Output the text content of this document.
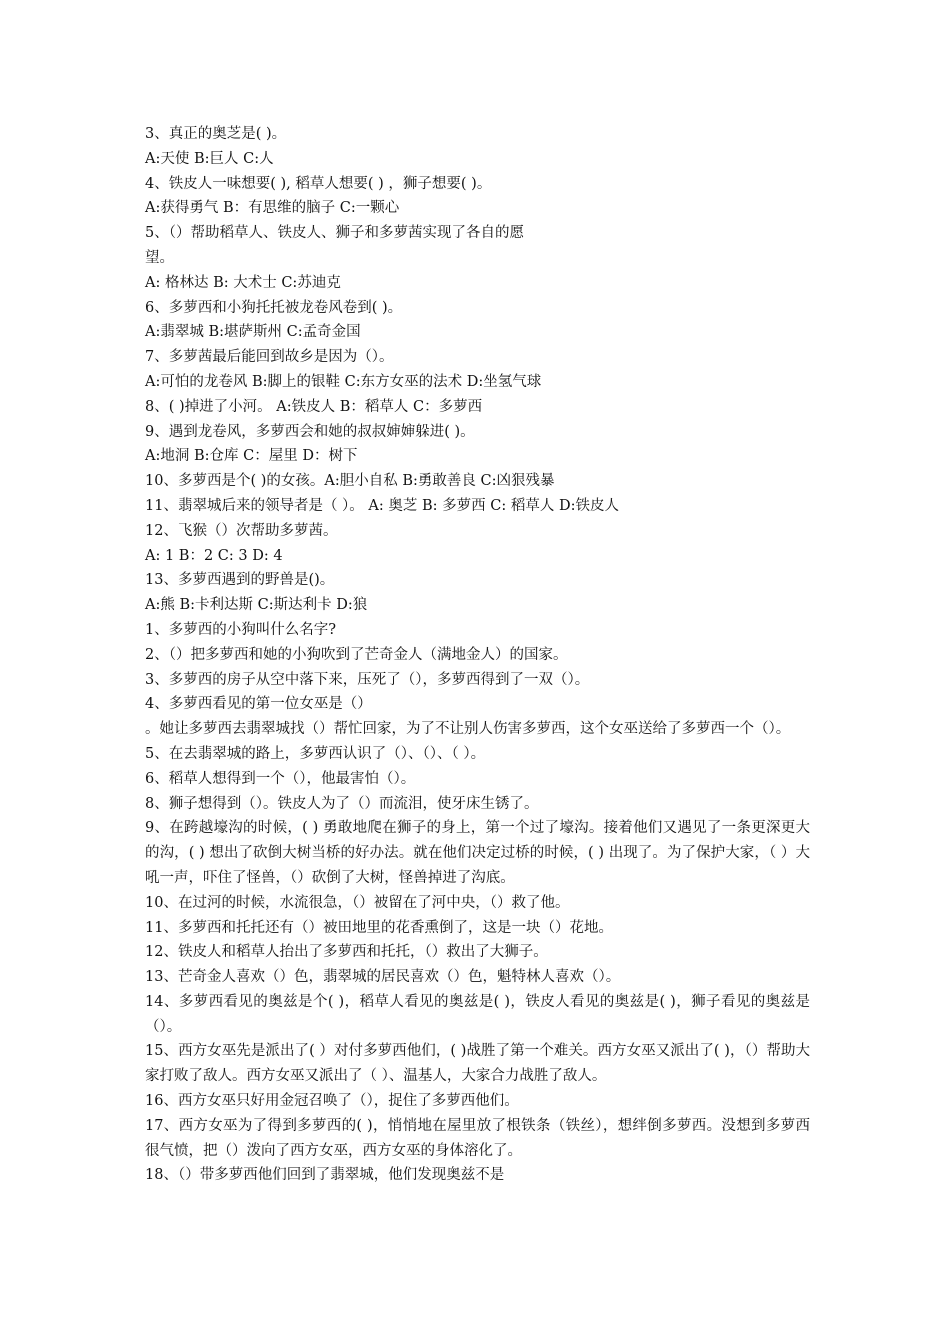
3、真正的奥芝是( )。

A:天使 B:巨人 C:人

4、铁皮人一味想要( ), 稻草人想要( ) ，狮子想要( )。

A:获得勇气 B：有思维的脑子 C:一颗心

5、（）帮助稻草人、铁皮人、狮子和多萝茜实现了各自的愿

望。

A: 格林达 B: 大术士 C:苏迪克

6、多萝西和小狗托托被龙卷风卷到( )。

A:翡翠城 B:堪萨斯州 C:孟奇金国

7、多萝茜最后能回到故乡是因为（）。

A:可怕的龙卷风 B:脚上的银鞋 C:东方女巫的法术 D:坐氢气球

8、( )掉进了小河。 A:铁皮人 B：稻草人 C：多萝西

9、遇到龙卷风，多萝西会和她的叔叔婶婶躲进( )。

A:地洞 B:仓库 C：屋里 D：树下

10、多萝西是个( )的女孩。A:胆小自私 B:勇敢善良 C:凶狠残暴

11、翡翠城后来的领导者是（ ）。 A: 奥芝 B: 多萝西 C: 稻草人 D:铁皮人

12、飞猴（）次帮助多萝茜。

A: 1 B：2 C: 3 D: 4

13、多萝西遇到的野兽是()。

A:熊 B:卡利达斯 C:斯达利卡 D:狼

1、多萝西的小狗叫什么名字?

2、（）把多萝西和她的小狗吹到了芒奇金人（满地金人）的国家。

3、多萝西的房子从空中落下来，压死了（），多萝西得到了一双（）。

4、多萝西看见的第一位女巫是（）

。她让多萝西去翡翠城找（）帮忙回家，为了不让别人伤害多萝西，这个女巫送给了多萝西一个（）。

5、在去翡翠城的路上，多萝西认识了（）、（）、（ ）。

6、稻草人想得到一个（），他最害怕（）。

8、狮子想得到（）。铁皮人为了（）而流泪，使牙床生锈了。

9、在跨越壕沟的时候，( ) 勇敢地爬在狮子的身上，第一个过了壕沟。接着他们又遇见了一条更深更大的沟，( ) 想出了砍倒大树当桥的好办法。就在他们决定过桥的时候，( ) 出现了。为了保护大家，（ ）大吼一声，吓住了怪兽，（）砍倒了大树，怪兽掉进了沟底。

10、在过河的时候，水流很急，（）被留在了河中央，（）救了他。

11、多萝西和托托还有（）被田地里的花香熏倒了，这是一块（）花地。

12、铁皮人和稻草人抬出了多萝西和托托，（）救出了大狮子。

13、芒奇金人喜欢（）色，翡翠城的居民喜欢（）色，魁特林人喜欢（）。

14、多萝西看见的奥兹是个( )，稻草人看见的奥兹是( )，铁皮人看见的奥兹是( )，狮子看见的奥兹是（）。

15、西方女巫先是派出了( ）对付多萝西他们，( )战胜了第一个难关。西方女巫又派出了( )，（）帮助大家打败了敌人。西方女巫又派出了（ ）、温基人，大家合力战胜了敌人。

16、西方女巫只好用金冠召唤了（），捉住了多萝西他们。

17、西方女巫为了得到多萝西的( )，悄悄地在屋里放了根铁条（铁丝），想绊倒多萝西。没想到多萝西很气愤，把（）泼向了西方女巫，西方女巫的身体溶化了。

18、（）带多萝西他们回到了翡翠城，他们发现奥兹不是
